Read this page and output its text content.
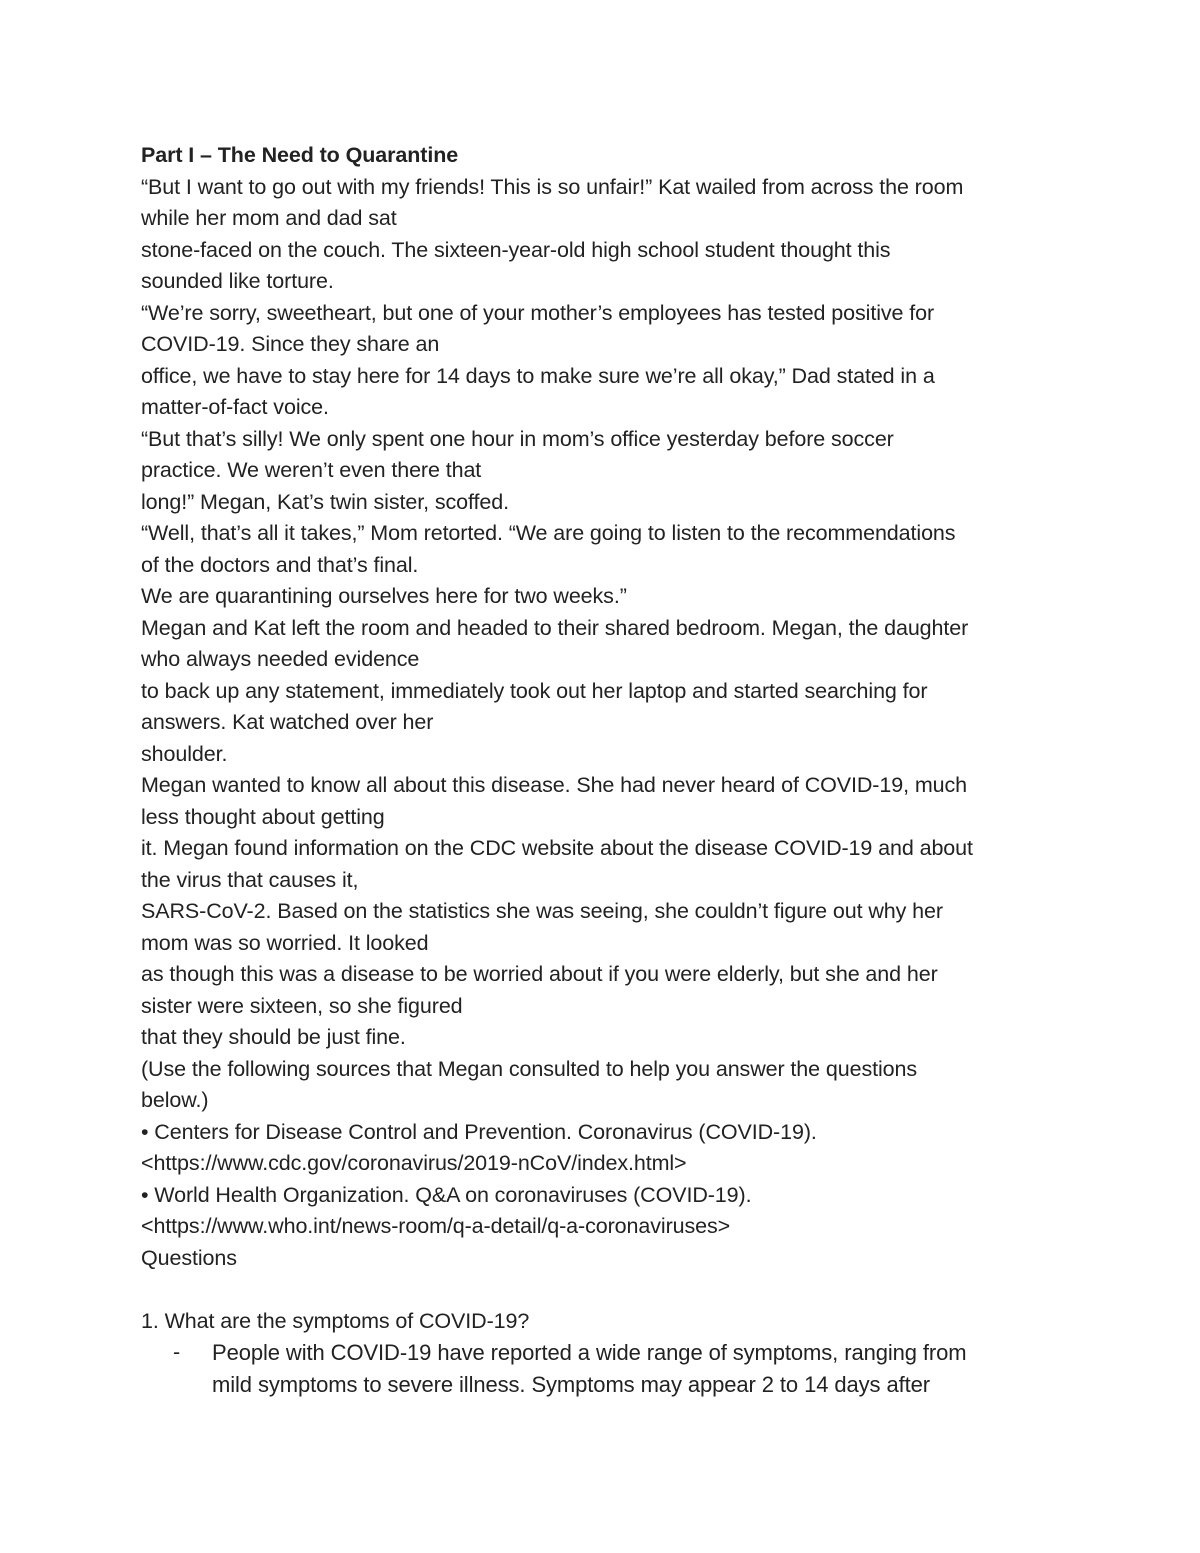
Part I – The Need to Quarantine
“But I want to go out with my friends! This is so unfair!” Kat wailed from across the room
while her mom and dad sat
stone-faced on the couch. The sixteen-year-old high school student thought this
sounded like torture.
“We’re sorry, sweetheart, but one of your mother’s employees has tested positive for
COVID-19. Since they share an
office, we have to stay here for 14 days to make sure we’re all okay,” Dad stated in a
matter-of-fact voice.
“But that’s silly! We only spent one hour in mom’s office yesterday before soccer
practice. We weren’t even there that
long!” Megan, Kat’s twin sister, scoffed.
“Well, that’s all it takes,” Mom retorted. “We are going to listen to the recommendations
of the doctors and that’s final.
We are quarantining ourselves here for two weeks.”
Megan and Kat left the room and headed to their shared bedroom. Megan, the daughter
who always needed evidence
to back up any statement, immediately took out her laptop and started searching for
answers. Kat watched over her
shoulder.
Megan wanted to know all about this disease. She had never heard of COVID-19, much
less thought about getting
it. Megan found information on the CDC website about the disease COVID-19 and about
the virus that causes it,
SARS-CoV-2. Based on the statistics she was seeing, she couldn’t figure out why her
mom was so worried. It looked
as though this was a disease to be worried about if you were elderly, but she and her
sister were sixteen, so she figured
that they should be just fine.
(Use the following sources that Megan consulted to help you answer the questions
below.)
• Centers for Disease Control and Prevention. Coronavirus (COVID-19).
<https://www.cdc.gov/coronavirus/2019-nCoV/index.html>
• World Health Organization. Q&A on coronaviruses (COVID-19).
<https://www.who.int/news-room/q-a-detail/q-a-coronaviruses>
Questions
1. What are the symptoms of COVID-19?
- People with COVID-19 have reported a wide range of symptoms, ranging from
mild symptoms to severe illness. Symptoms may appear 2 to 14 days after
